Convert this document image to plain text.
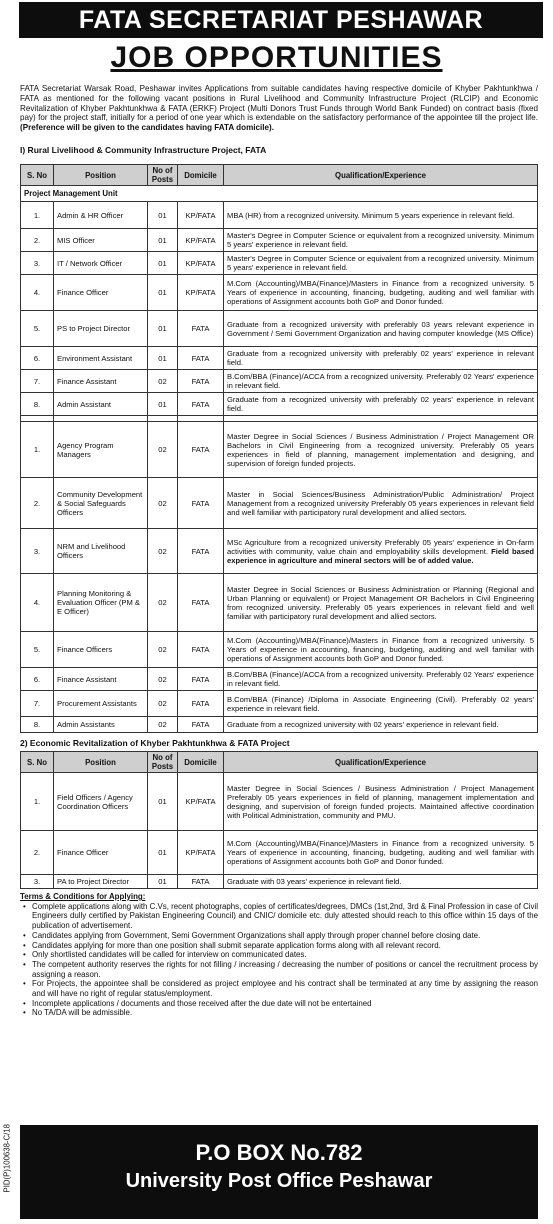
FATA SECRETARIAT PESHAWAR
JOB OPPORTUNITIES
FATA Secretariat Warsak Road, Peshawar invites Applications from suitable candidates having respective domicile of Khyber Pakhtunkhwa / FATA as mentioned for the following vacant positions in Rural Livelihood and Community Infrastructure Project (RLCIP) and Economic Revitalization of Khyber Pakhtunkhwa & FATA (ERKF) Project (Multi Donors Trust Funds through World Bank Funded) on contract basis (fixed pay) for the project staff, initially for a period of one year which is extendable on the satisfactory performance of the appointee till the project life. (Preference will be given to the candidates having FATA domicile).
I) Rural Livelihood & Community Infrastructure Project, FATA
S. No	Position	No of Posts	Domicile	Qualification/Experience
Project Management Unit				
1.	Admin & HR Officer	01	KP/FATA	MBA (HR) from a recognized university. Minimum 5 years experience in relevant field.
2.	MIS Officer	01	KP/FATA	Master's Degree in Computer Science or equivalent from a recognized university. Minimum 5 years' experience in relevant field.
3.	IT / Network Officer	01	KP/FATA	Master's Degree in Computer Science or equivalent from a recognized university. Minimum 5 years' experience in relevant field.
4.	Finance Officer	01	KP/FATA	M.Com (Accounting)/MBA(Finance)/Masters in Finance from a recognized university. 5 Years of experience in accounting, financing, budgeting, auditing and well familiar with operations of Assignment accounts both GoP and Donor funded.
5.	PS to Project Director	01	FATA	Graduate from a recognized university with preferably 03 years relevant experience in Government / Semi Government Organization and having computer knowledge (MS Office)
6.	Environment Assistant	01	FATA	Graduate from a recognized university with preferably 02 years' experience in relevant field.
7.	Finance Assistant	02	FATA	B.Com/BBA (Finance)/ACCA from a recognized university. Preferably 02 Years' experience in relevant field.
8.	Admin Assistant	01	FATA	Graduate from a recognized university with preferably 02 years' experience in relevant field.

1.	Agency Program Managers	02	FATA	Master Degree in Social Sciences / Business Administration / Project Management OR Bachelors in Civil Engineering from a recognized university. Preferably 05 years experiences in field of planning, management implementation and designing, and supervision of foreign funded projects.
2.	Community Development & Social Safeguards Officers	02	FATA	Master in Social Sciences/Business Administration/Public Administration/ Project Management from a recognized university Preferably 05 years experiences in relevant field and well familiar with participatory rural development and allied sectors.
3.	NRM and Livelihood Officers	02	FATA	MSc Agriculture from a recognized university Preferably 05 years' experience in On-farm activities with community, value chain and employability skills development. Field based experience in agriculture and mineral sectors will be of added value.
4.	Planning Monitoring & Evaluation Officer (PM & E Officer)	02	FATA	Master Degree in Social Sciences or Business Administration or Planning (Regional and Urban Planning or equivalent) or Project Management OR Bachelors in Civil Engineering from recognized university. Preferably 05 years experiences in relevant field and well familiar with participatory rural development and allied sectors.
5.	Finance Officers	02	FATA	M.Com (Accounting)/MBA(Finance)/Masters in Finance from a recognized university. 5 Years of experience in accounting, financing, budgeting, auditing and well familiar with operations of Assignment accounts both GoP and Donor funded.
6.	Finance Assistant	02	FATA	B.Com/BBA (Finance)/ACCA from a recognized university. Preferably 02 Years' experience in relevant field.
7.	Procurement Assistants	02	FATA	B.Com/BBA (Finance) /Diploma in Associate Engineering (Civil). Preferably 02 years' experience in relevant field.
8.	Admin Assistants	02	FATA	Graduate from a recognized university with 02 years' experience in relevant field.
2) Economic Revitalization of Khyber Pakhtunkhwa & FATA Project
S. No	Position	No of Posts	Domicile	Qualification/Experience
1.	Field Officers / Agency Coordination Officers	01	KP/FATA	Master Degree in Social Sciences / Business Administration / Project Management Preferably 05 years experiences in field of planning, management implementation and designing, and supervision of foreign funded projects. Maintained affective coordination with Political Administration, community and PMU.
2.	Finance Officer	01	KP/FATA	M.Com (Accounting)/MBA(Finance)/Masters in Finance from a recognized university. 5 Years of experience in accounting, financing, budgeting, auditing and well familiar with operations of Assignment accounts both GoP and Donor funded.
3.	PA to Project Director	01	FATA	Graduate with 03 years' experience in relevant field.
Terms & Conditions for Applying:
• Complete applications along with C.Vs, recent photographs, copies of certificates/degrees, DMCs (1st,2nd, 3rd & Final Profession in case of Civil Engineers dully certified by Pakistan Engineering Council) and CNIC/ domicile etc. duly attested should reach to this office within 15 days of the publication of advertisement.
• Candidates applying from Government, Semi Government Organizations shall apply through proper channel before closing date.
• Candidates applying for more than one position shall submit separate application forms along with all relevant record.
• Only shortlisted candidates will be called for interview on communicated dates.
• The competent authority reserves the rights for not filling / increasing / decreasing the number of positions or cancel the recruitment process by assigning a reason.
• For Projects, the appointee shall be considered as project employee and his contract shall be terminated at any time by assigning the reason and will have no right of regular status/employment.
• Incomplete applications / documents and those received after the due date will not be entertained
• No TA/DA will be admissible.
PID(P)100638-C/18	P.O BOX No.782
University Post Office Peshawar
